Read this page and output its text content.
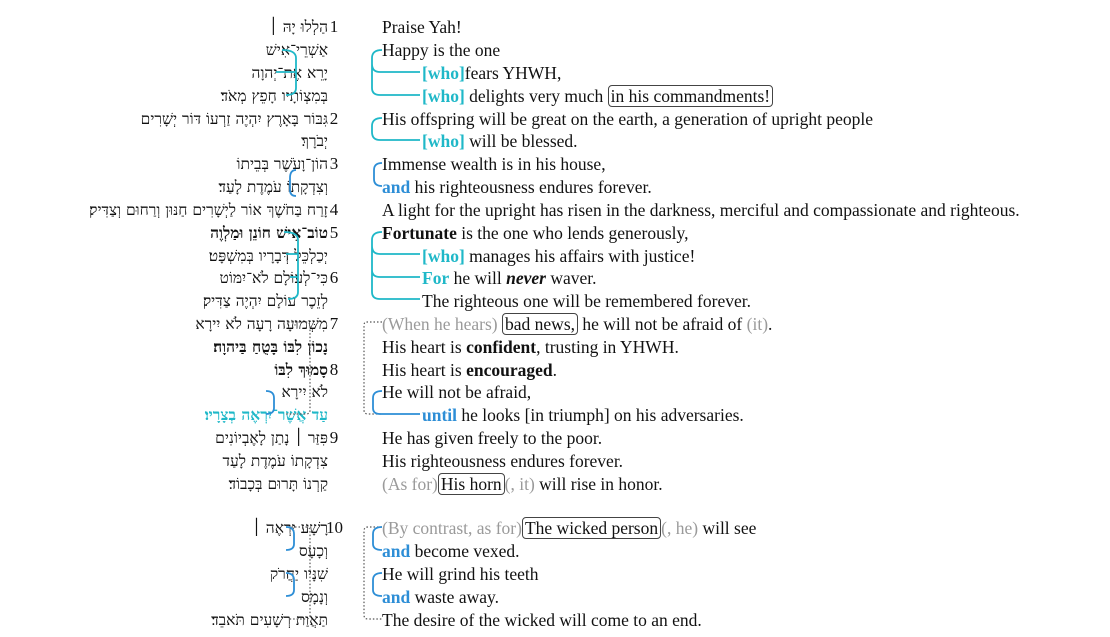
הַלְלוּ יָהּ ׀
אַשְׁרֵי־אִישׁ
יָרֵא אֶת־יְהוָה
בְּמִצְוֹתָיו חָפֵץ מְאֹד׃
גִּבּוֹר בָּאָרֶץ יִהְיֶה זַרְעוֹ דּוֹר יְשָׁרִים
יְבֹרָךְ׃
הוֹן־וָעֹשֶׁר בְּבֵיתוֹ
וְצִדְקָתוֹ עֹמֶדֶת לָעַד׃
זָרַח בַּחֹשֶׁךְ אוֹר לַיְשָׁרִים חַנּוּן וְרַחוּם וְצַדִּיק׃
טוֹב־אִישׁ חוֹנֵן וּמַלְוֶה
יְכַלְכֵּל דְּבָרָיו בְּמִשְׁפָּט׃
כִּי־לְעוֹלָם לֹא־יִמּוֹט
לְזֵכֶר עוֹלָם יִהְיֶה צַדִּיק׃
מִשְּׁמוּעָה רָעָה לֹא יִירָא
נָכוֹן לִבּוֹ בָּטֻחַ בַּיהוָה׃
סָמוּךְ לִבּוֹ
לֹא יִירָא
עַד אֲשֶׁר־יִרְאֶה בְצָרָיו׃
פִּזַּר ׀ נָתַן לָאֶבְיוֹנִים
צִדְקָתוֹ עֹמֶדֶת לָעַד
קַרְנוֹ תָּרוּם בְּכָבוֹד׃
רָשָׁע יִרְאֶה ׀
וְכָעָס
שִׁנָּיו יַחֲרֹק
וְנָמָס
תַּאֲוַת רְשָׁעִים תֹּאבֵד׃
1
2
3
4
5
6
7
8
9
10
Praise Yah!
Happy is the one
[who]fears YHWH,
[who] delights very much in his commandments!
His offspring will be great on the earth, a generation of upright people
[who] will be blessed.
Immense wealth is in his house,
and his righteousness endures forever.
A light for the upright has risen in the darkness, merciful and compassionate and righteous.
Fortunate is the one who lends generously,
[who] manages his affairs with justice!
For he will never waver.
The righteous one will be remembered forever.
(When he hears) bad news, he will not be afraid of (it).
His heart is confident, trusting in YHWH.
His heart is encouraged.
He will not be afraid,
until he looks [in triumph] on his adversaries.
He has given freely to the poor.
His righteousness endures forever.
(As for) His horn (, it) will rise in honor.
(By contrast, as for) The wicked person (, he) will see
and become vexed.
He will grind his teeth
and waste away.
The desire of the wicked will come to an end.
